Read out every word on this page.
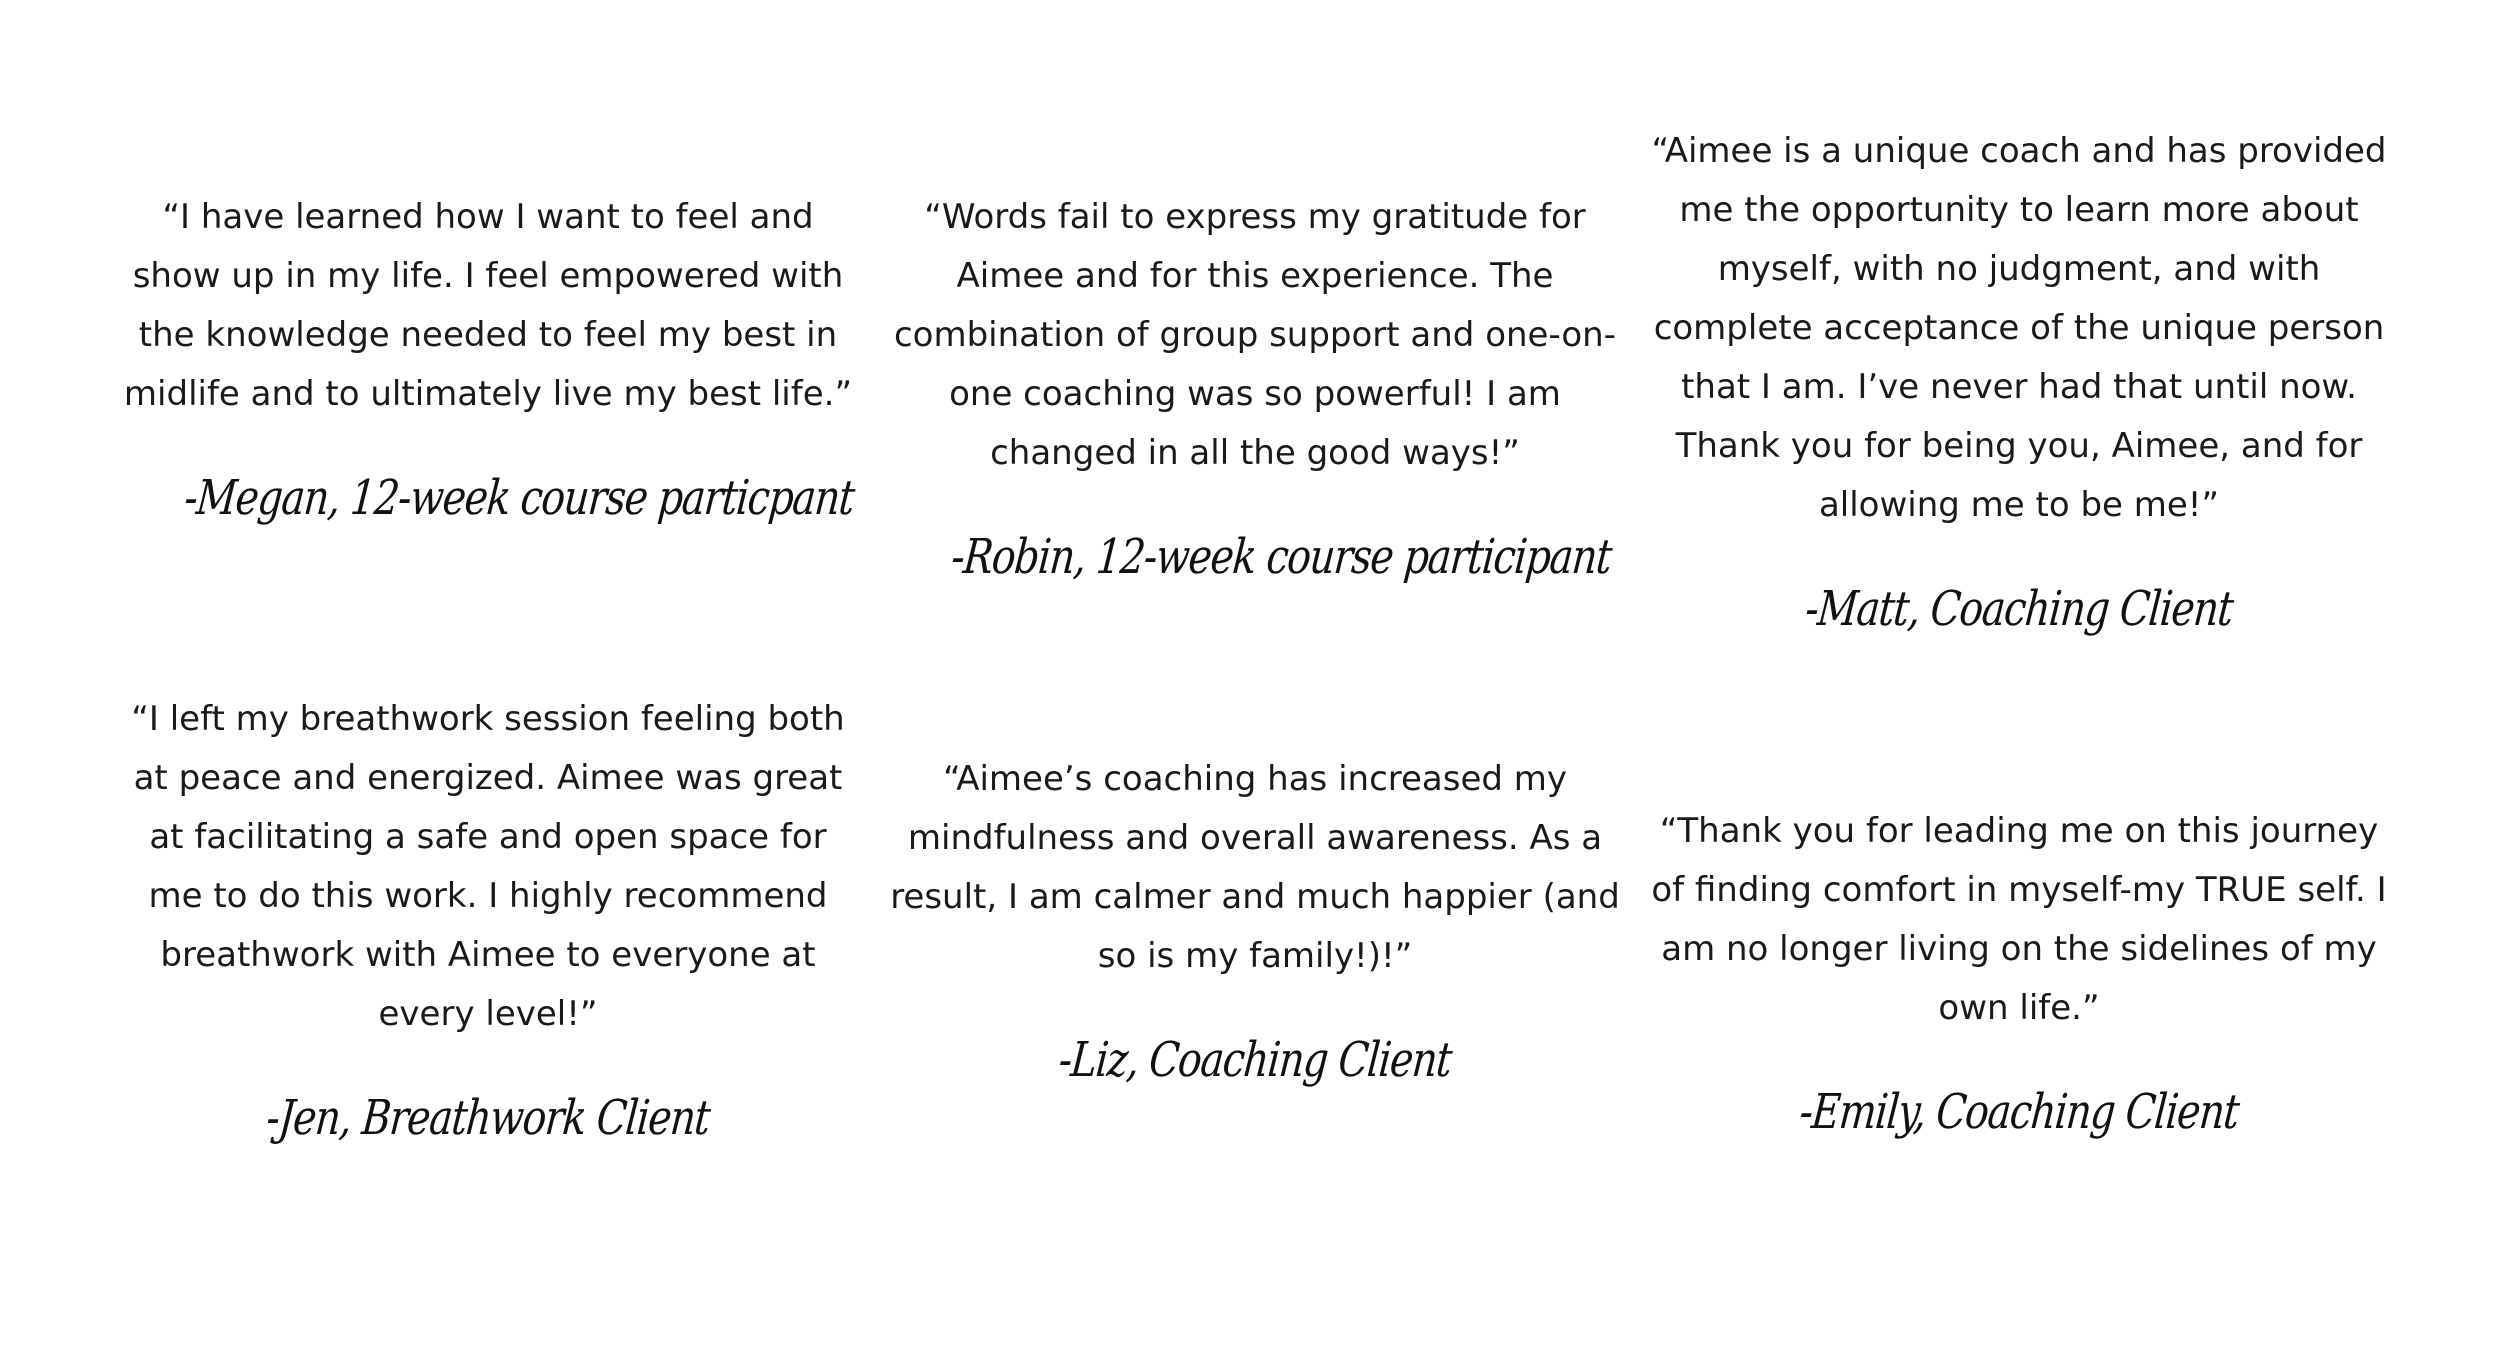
“I have learned how I want to feel and show up in my life. I feel empowered with the knowledge needed to feel my best in midlife and to ultimately live my best life.”

-Megan, 12-week course particpant

“Words fail to express my gratitude for Aimee and for this experience. The combination of group support and one-on-one coaching was so powerful! I am changed in all the good ways!”

-Robin, 12-week course participant

“Aimee is a unique coach and has provided me the opportunity to learn more about myself, with no judgment, and with complete acceptance of the unique person that I am. I’ve never had that until now. Thank you for being you, Aimee, and for allowing me to be me!”

-Matt, Coaching Client

“I left my breathwork session feeling both at peace and energized. Aimee was great at facilitating a safe and open space for me to do this work. I highly recommend breathwork with Aimee to everyone at every level!”

-Jen, Breathwork Client

“Aimee’s coaching has increased my mindfulness and overall awareness. As a result, I am calmer and much happier (and so is my family!)!”

-Liz, Coaching Client

“Thank you for leading me on this journey of finding comfort in myself-my TRUE self. I am no longer living on the sidelines of my own life.”

-Emily, Coaching Client
